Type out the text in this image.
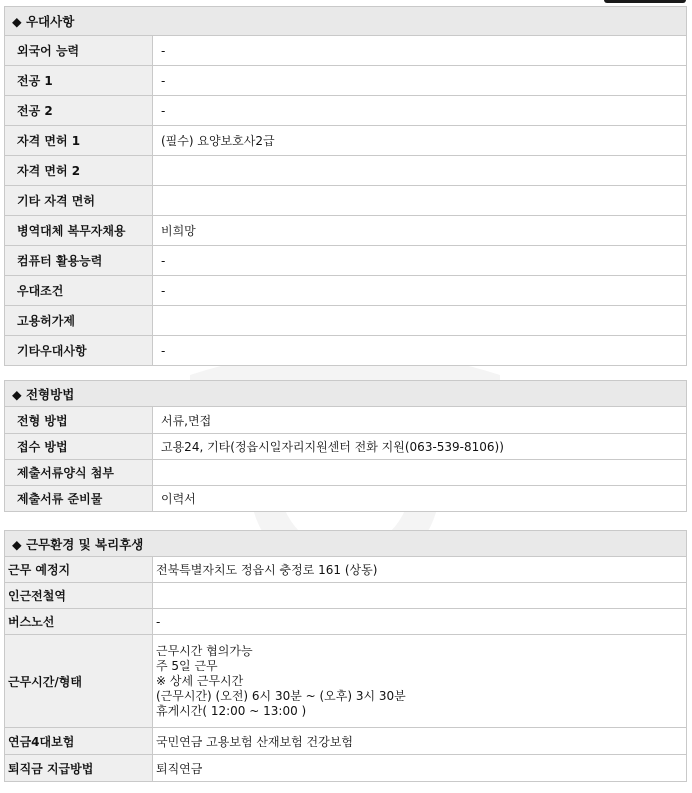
◆ 우대사항	

외국어 능력	-

전공 1	-

전공 2	-

자격 면허 1	(필수) 요양보호사2급

자격 면허 2	

기타 자격 면허	

병역대체 복무자채용	비희망

컴퓨터 활용능력	-

우대조건	-

고용허가제	

기타우대사항	-
◆ 전형방법	

전형 방법	서류,면접

접수 방법	고용24, 기타(정읍시일자리지원센터 전화 지원(063-539-8106))

제출서류양식 첨부	

제출서류 준비물	이력서
◆ 근무환경 및 복리후생	

근무 예정지	전북특별자치도 정읍시 충정로 161 (상동)

인근전철역	

버스노선	-

근무시간/형태	근무시간 협의가능
주 5일 근무
※ 상세 근무시간
(근무시간) (오전) 6시 30분 ~ (오후) 3시 30분
휴게시간( 12:00 ~ 13:00 )

연금4대보험	국민연금 고용보험 산재보험 건강보험

퇴직금 지급방법	퇴직연금
